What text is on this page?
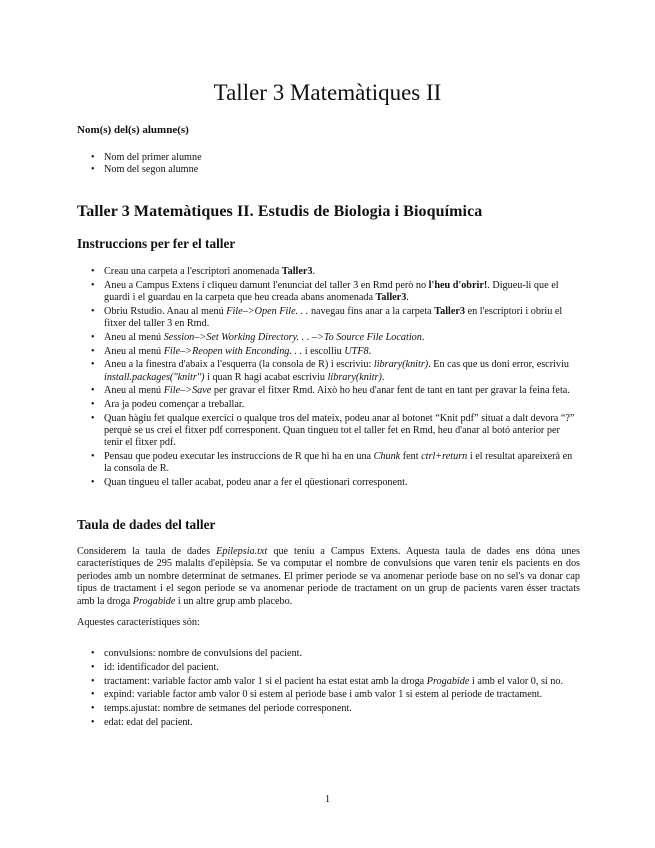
Taller 3 Matemàtiques II
Nom(s) del(s) alumne(s)
• Nom del primer alumne
• Nom del segon alumne
Taller 3 Matemàtiques II. Estudis de Biologia i Bioquímica
Instruccions per fer el taller
• Creau una carpeta a l'escriptori anomenada Taller3.
• Aneu a Campus Extens i cliqueu damunt l'enunciat del taller 3 en Rmd però no l'heu d'obrir!. Digueu-li que el guardi i el guardau en la carpeta que heu creada abans anomenada Taller3.
• Obriu Rstudio. Anau al menú File–>Open File. . . navegau fins anar a la carpeta Taller3 en l'escriptori i obriu el fitxer del taller 3 en Rmd.
• Aneu al menú Session–>Set Working Directory. . . –>To Source File Location.
• Aneu al menú File–>Reopen with Enconding. . . i escolliu UTF8.
• Aneu a la finestra d'abaix a l'esquerra (la consola de R) i escriviu: library(knitr). En cas que us doni error, escriviu install.packages("knitr") i quan R hagi acabat escriviu library(knitr).
• Aneu al menú File–>Save per gravar el fitxer Rmd. Això ho heu d'anar fent de tant en tant per gravar la feina feta.
• Ara ja podeu començar a treballar.
• Quan hàgiu fet qualque exercici o qualque tros del mateix, podeu anar al botonet “Knit pdf” situat a dalt devora “?” perquè se us crei el fitxer pdf corresponent. Quan tingueu tot el taller fet en Rmd, heu d'anar al botó anterior per tenir el fitxer pdf.
• Pensau que podeu executar les instruccions de R que hi ha en una Chunk fent ctrl+return i el resultat apareixerà en la consola de R.
• Quan tingueu el taller acabat, podeu anar a fer el qüestionari corresponent.
Taula de dades del taller

Considerem la taula de dades Epilepsia.txt que teniu a Campus Extens. Aquesta taula de dades ens dóna unes característiques de 295 malalts d'epilèpsia. Se va computar el nombre de convulsions que varen tenir els pacients en dos periodes amb un nombre determinat de setmanes. El primer periode se va anomenar periode base on no sel's va donar cap tipus de tractament i el segon periode se va anomenar periode de tractament on un grup de pacients varen ésser tractats amb la droga Progabide i un altre grup amb placebo.

Aquestes característiques són:

• convulsions: nombre de convulsions del pacient.
• id: identificador del pacient.
• tractament: variable factor amb valor 1 si el pacient ha estat estat amb la droga Progabide i amb el valor 0, si no.
• expind: variable factor amb valor 0 si estem al periode base i amb valor 1 si estem al periode de tractament.
• temps.ajustat: nombre de setmanes del periode corresponent.
• edat: edat del pacient.
1
